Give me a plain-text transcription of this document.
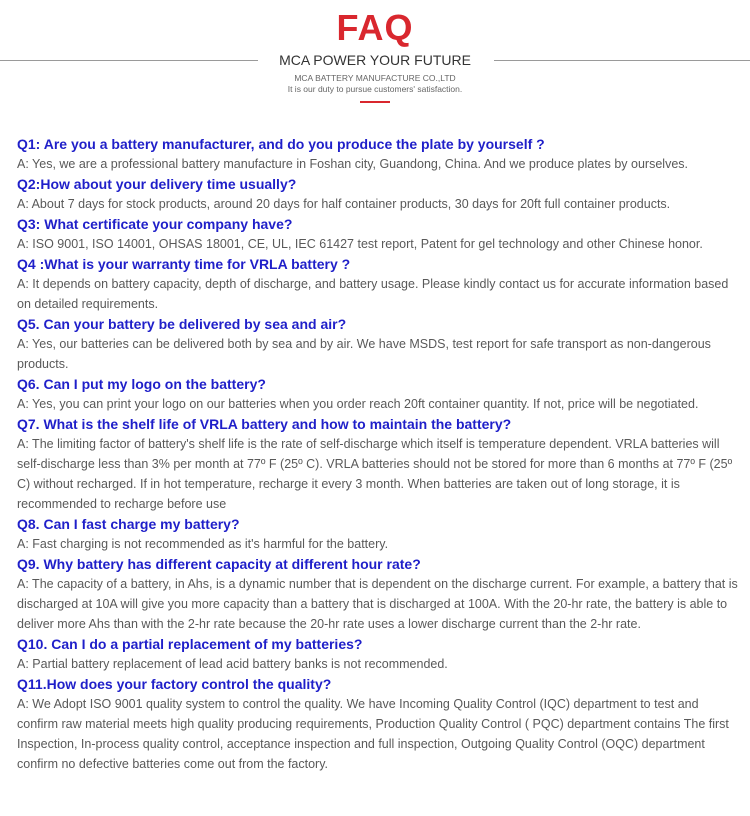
FAQ
MCA POWER YOUR FUTURE
MCA BATTERY MANUFACTURE CO.,LTD
It is our duty to pursue customers' satisfaction.

Q1: Are you a battery manufacturer, and do you produce the plate by yourself ?

A: Yes, we are a professional battery manufacture in Foshan city, Guandong, China. And we produce plates by ourselves.

Q2:How about your delivery time usually?

A: About 7 days for stock products, around 20 days for half container products, 30 days for 20ft full container products.

Q3: What certificate your company have?

A: ISO 9001, ISO 14001, OHSAS 18001, CE, UL, IEC 61427 test report, Patent for gel technology and other Chinese honor.

Q4 :What is your warranty time for VRLA battery ?

A: It depends on battery capacity, depth of discharge, and battery usage. Please kindly contact us for accurate information based on detailed requirements.

Q5. Can your battery be delivered by sea and air?

A: Yes, our batteries can be delivered both by sea and by air. We have MSDS, test report for safe transport as non-dangerous products.

Q6. Can I put my logo on the battery?

A: Yes, you can print your logo on our batteries when you order reach 20ft container quantity. If not, price will be negotiated.

Q7. What is the shelf life of VRLA battery and how to maintain the battery?

A: The limiting factor of battery's shelf life is the rate of self-discharge which itself is temperature dependent. VRLA batteries will self-discharge less than 3% per month at 77º F (25º C). VRLA batteries should not be stored for more than 6 months at 77º F (25º C) without recharged. If in hot temperature, recharge it every 3 month. When batteries are taken out of long storage, it is recommended to recharge before use

Q8. Can I fast charge my battery?

A: Fast charging is not recommended as it's harmful for the battery.

Q9. Why battery has different capacity at different hour rate?

A: The capacity of a battery, in Ahs, is a dynamic number that is dependent on the discharge current. For example, a battery that is discharged at 10A will give you more capacity than a battery that is discharged at 100A. With the 20-hr rate, the battery is able to deliver more Ahs than with the 2-hr rate because the 20-hr rate uses a lower discharge current than the 2-hr rate.

Q10. Can I do a partial replacement of my batteries?

A: Partial battery replacement of lead acid battery banks is not recommended.

Q11.How does your factory control the quality?

A: We Adopt ISO 9001 quality system to control the quality. We have Incoming Quality Control (IQC) department to test and confirm raw material meets high quality producing requirements, Production Quality Control ( PQC) department contains The first Inspection, In-process quality control, acceptance inspection and full inspection, Outgoing Quality Control (OQC) department confirm no defective batteries come out from the factory.
